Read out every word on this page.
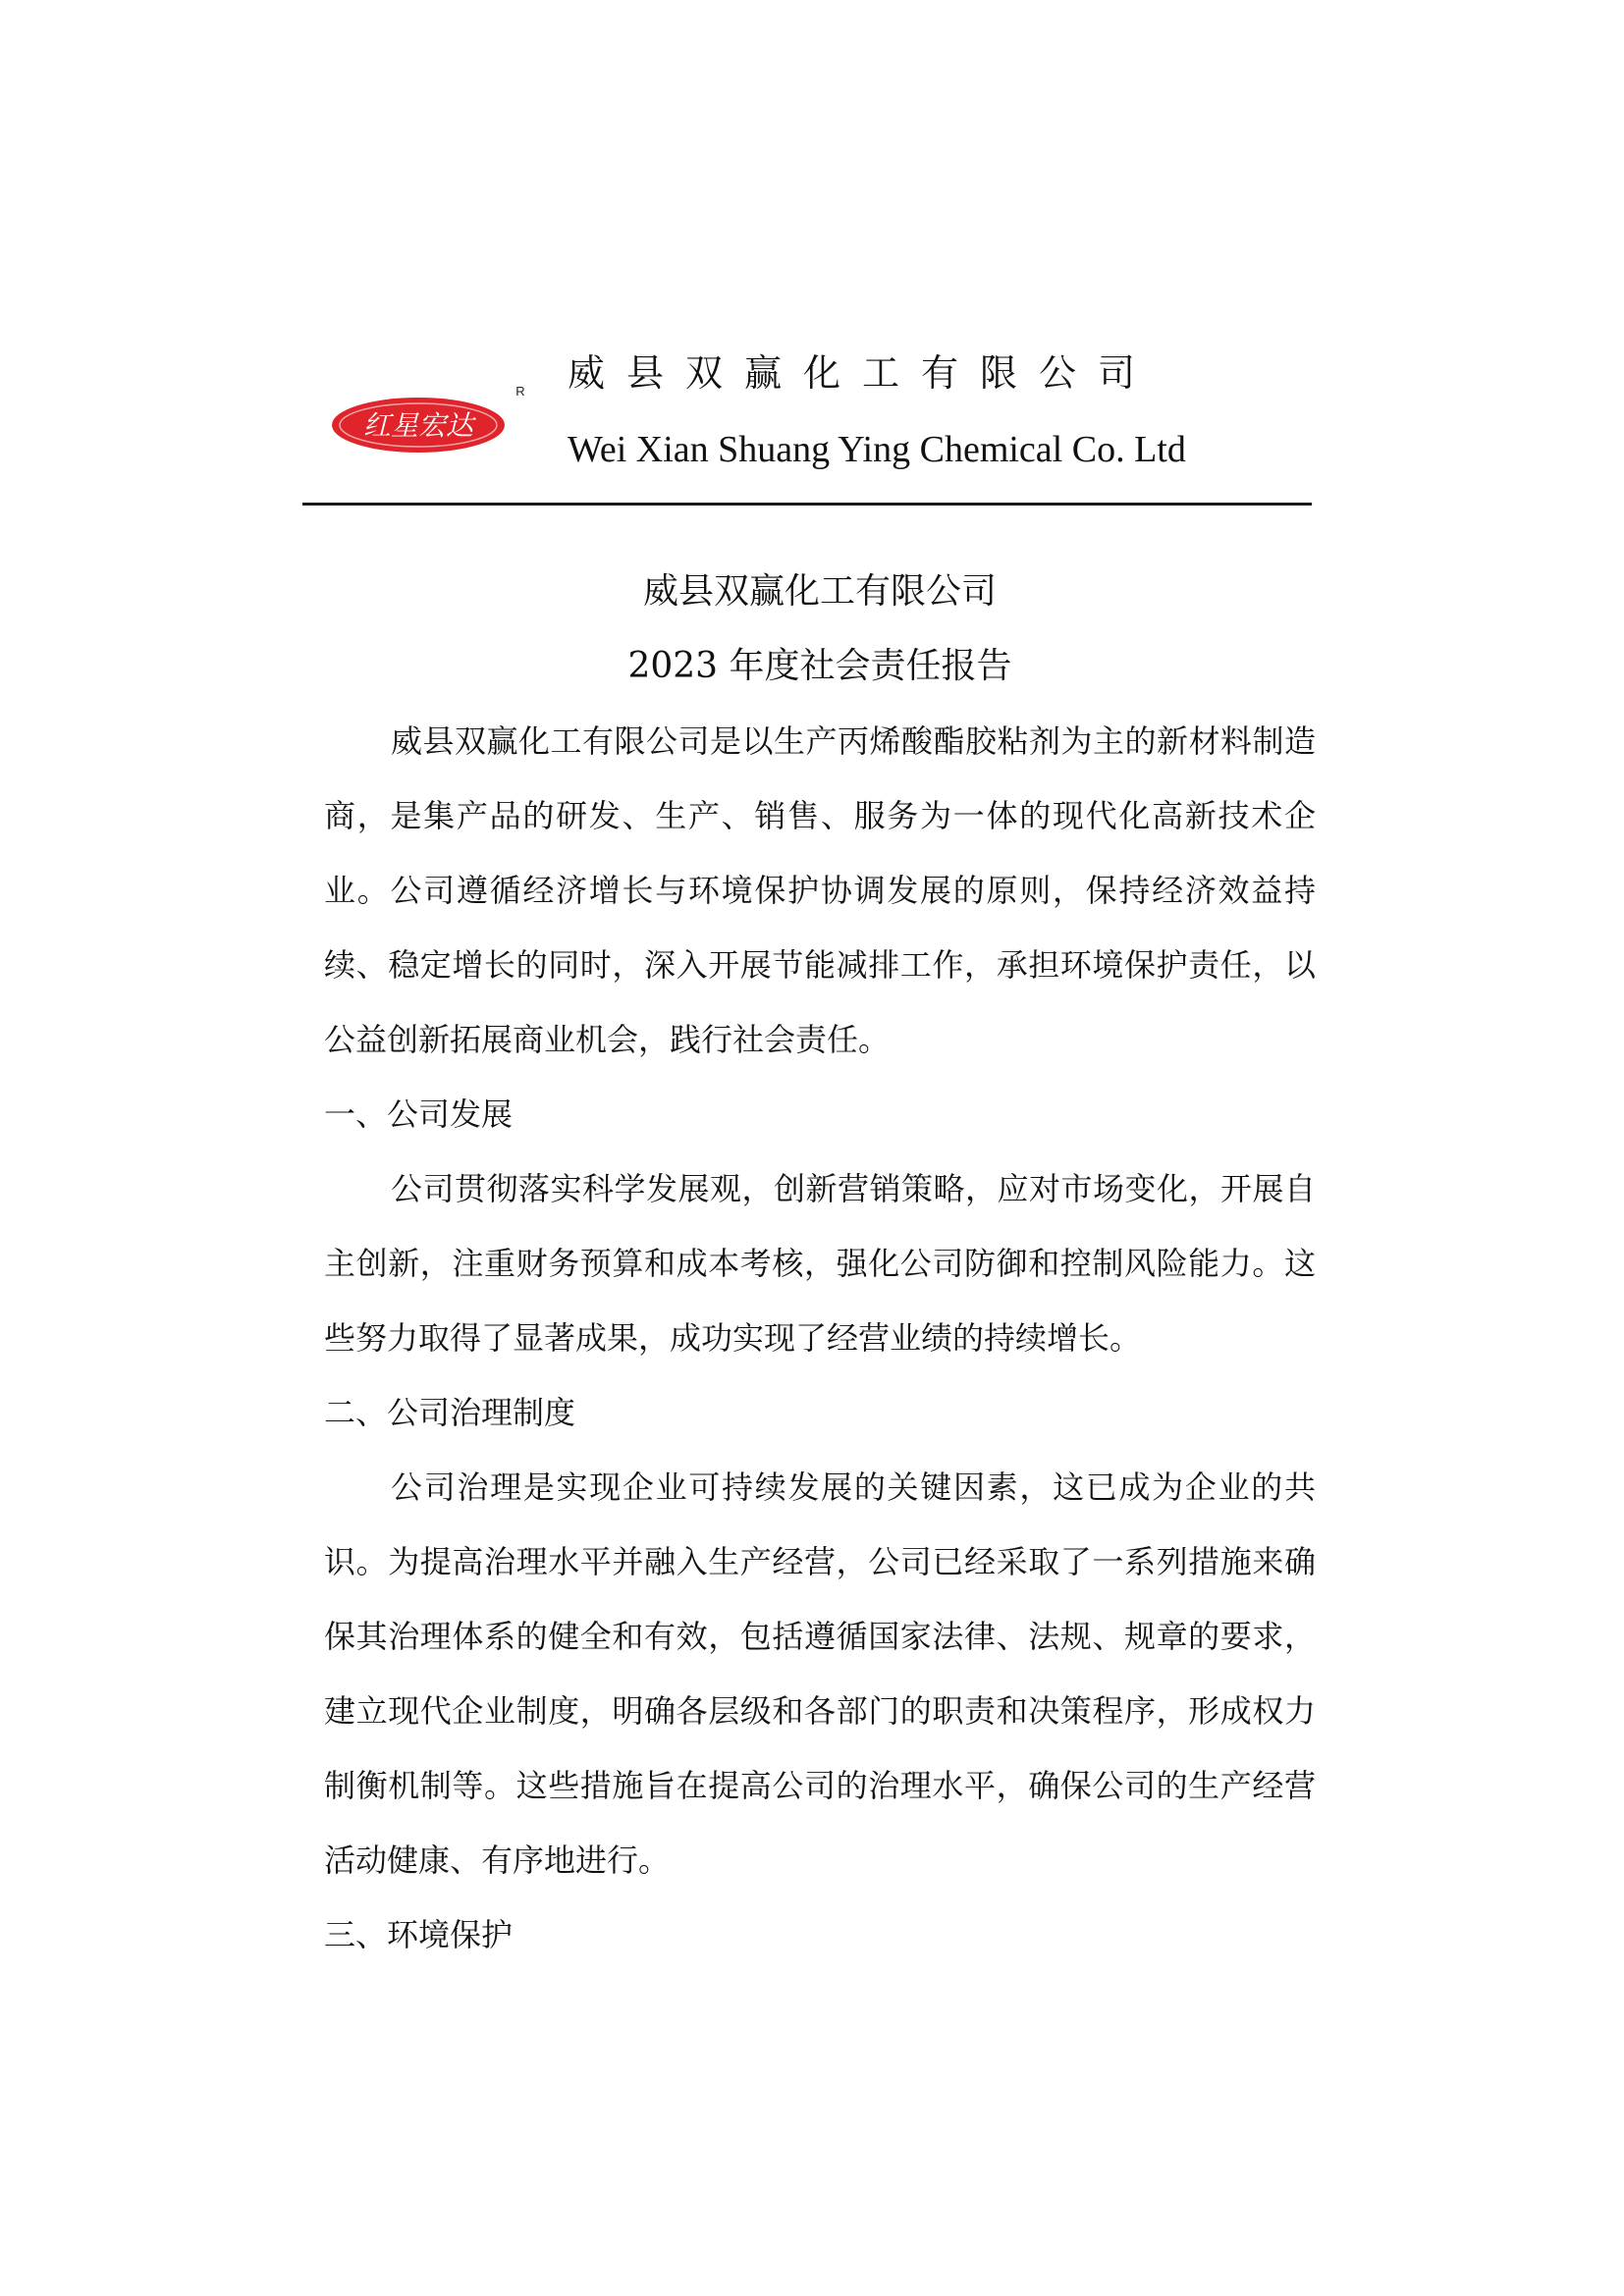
红星宏达
R 威县双赢化工有限公司
Wei Xian Shuang Ying Chemical Co. Ltd

威县双赢化工有限公司

2023 年度社会责任报告

威县双赢化工有限公司是以生产丙烯酸酯胶粘剂为主的新材料制造商，是集产品的研发、生产、销售、服务为一体的现代化高新技术企业。公司遵循经济增长与环境保护协调发展的原则，保持经济效益持续、稳定增长的同时，深入开展节能减排工作，承担环境保护责任，以公益创新拓展商业机会，践行社会责任。

一、公司发展

公司贯彻落实科学发展观，创新营销策略，应对市场变化，开展自主创新，注重财务预算和成本考核，强化公司防御和控制风险能力。这些努力取得了显著成果，成功实现了经营业绩的持续增长。

二、公司治理制度

公司治理是实现企业可持续发展的关键因素，这已成为企业的共识。为提高治理水平并融入生产经营，公司已经采取了一系列措施来确保其治理体系的健全和有效，包括遵循国家法律、法规、规章的要求，建立现代企业制度，明确各层级和各部门的职责和决策程序，形成权力制衡机制等。这些措施旨在提高公司的治理水平，确保公司的生产经营活动健康、有序地进行。

三、环境保护
